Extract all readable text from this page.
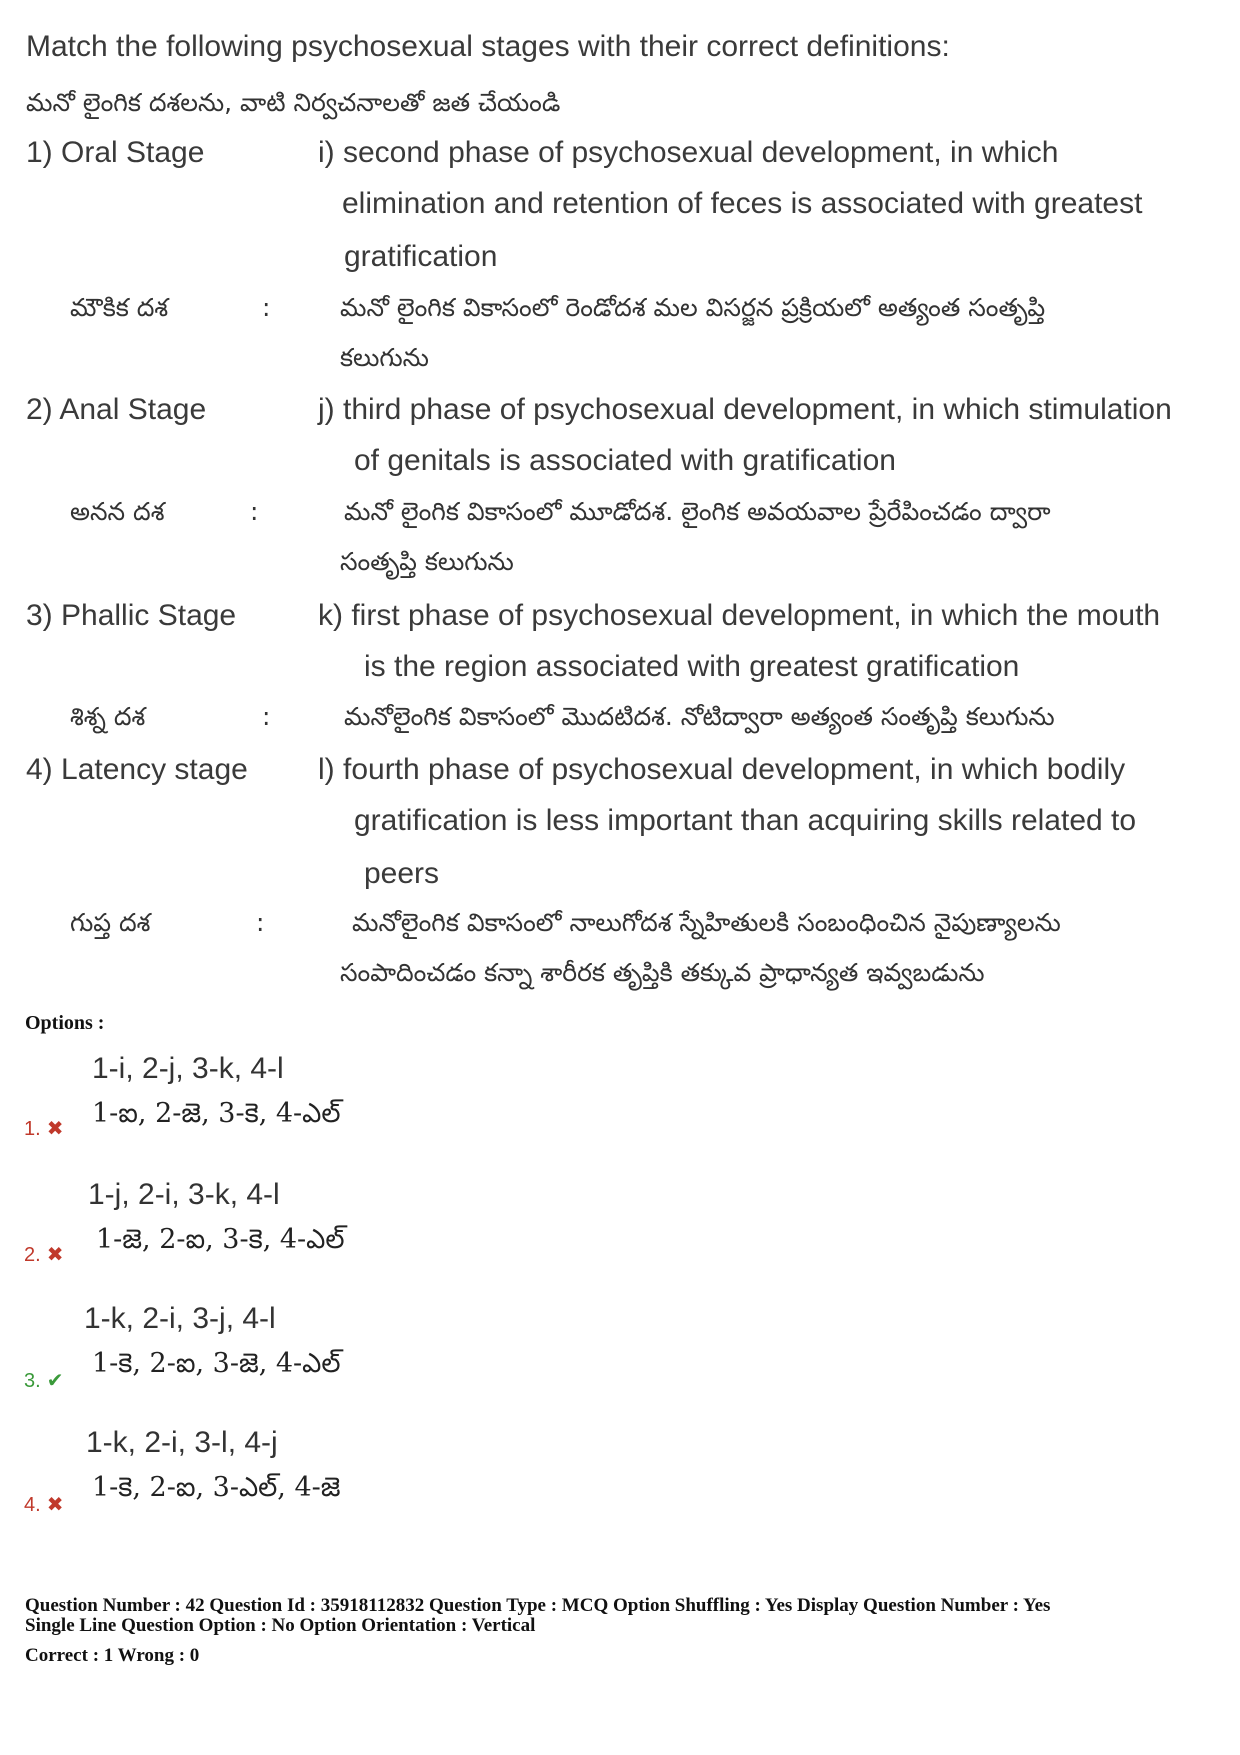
Match the following psychosexual stages with their correct definitions:
మనో లైంగిక దశలను, వాటి నిర్వచనాలతో జత చేయండి
1) Oral Stage	i) second phase of psychosexual development, in which
elimination and retention of feces is associated with greatest
gratification
మౌకిక దశ	:	మనో లైంగిక వికాసంలో రెండోదశ మల విసర్జన ప్రక్రియలో అత్యంత సంతృప్తి
కలుగును
2) Anal Stage	j) third phase of psychosexual development, in which stimulation
of genitals is associated with gratification
అనన దశ	:	మనో లైంగిక వికాసంలో మూడోదశ. లైంగిక అవయవాల ప్రేరేపించడం ద్వారా
సంతృప్తి కలుగును
3) Phallic Stage	k) first phase of psychosexual development, in which the mouth
is the region associated with greatest gratification
శిశ్న దశ	:	మనోలైంగిక వికాసంలో మొదటిదశ. నోటిద్వారా అత్యంత సంతృప్తి కలుగును
4) Latency stage l) fourth phase of psychosexual development, in which bodily
gratification is less important than acquiring skills related to
peers
గుప్త దశ	:	మనోలైంగిక వికాసంలో నాలుగోదశ స్నేహితులకి సంబంధించిన నైపుణ్యాలను
సంపాదించడం కన్నా శారీరక తృప్తికి తక్కువ ప్రాధాన్యత ఇవ్వబడును
Options :
1-i, 2-j, 3-k, 4-l
1. ✖ 1-ఐ, 2-జె, 3-కె, 4-ఎల్
1-j, 2-i, 3-k, 4-l
2. ✖ 1-జె, 2-ఐ, 3-కె, 4-ఎల్
1-k, 2-i, 3-j, 4-l
3. ✔
1-కె, 2-ఐ, 3-జె, 4-ఎల్
1-k, 2-i, 3-l, 4-j
4. ✖
1-కె, 2-ఐ, 3-ఎల్, 4-జె
Question Number : 42 Question Id : 35918112832 Question Type : MCQ Option Shuffling : Yes Display Question Number : Yes
Single Line Question Option : No Option Orientation : Vertical
Correct : 1 Wrong : 0
